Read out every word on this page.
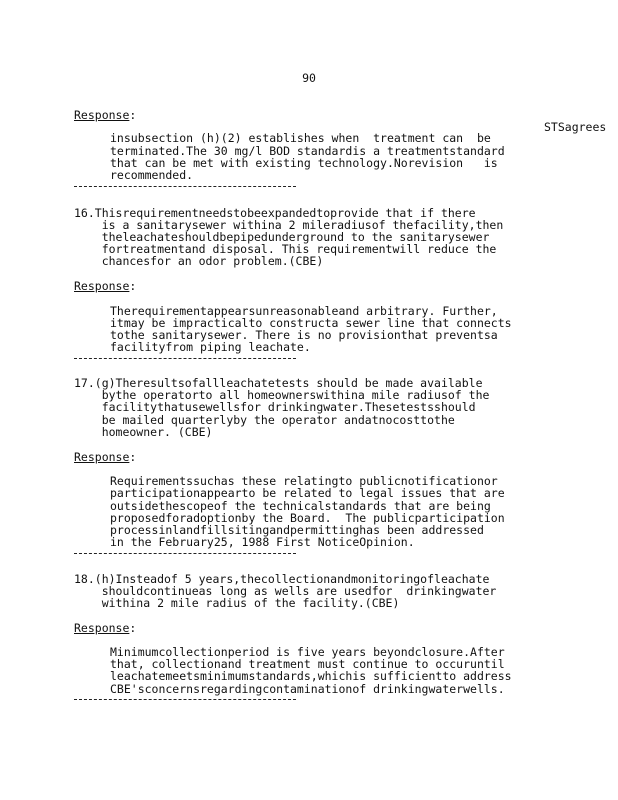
90
Response:
STSagrees
insubsection (h)(2) establishes when  treatment can  be
terminated.The 30 mg/l BOD standardis a treatmentstandard
that can be met with existing technology.Norevision   is
recommended.
16.Thisrequirementneedstobeexpandedtoprovide that if there
is a sanitarysewer withina 2 mileradiusof thefacility,then
theleachateshouldbepipedunderground to the sanitarysewer
fortreatmentand disposal. This requirementwill reduce the
chancesfor an odor problem.(CBE)
Response:
Therequirementappearsunreasonableand arbitrary. Further,
itmay be impracticalto constructa sewer line that connects
tothe sanitarysewer. There is no provisionthat preventsa
facilityfrom piping leachate.
17.(g)Theresultsofallleachatetests should be made available
bythe operatorto all homeownerswithina mile radiusof the
facilitythatusewellsfor drinkingwater.Thesetestsshould
be mailed quarterlyby the operator andatnocosttothe
homeowner. (CBE)
Response:
Requirementssuchas these relatingto publicnotificationor
participationappearto be related to legal issues that are
outsidethescopeof the technicalstandards that are being
proposedforadoptionby the Board.  The publicparticipation
processinlandfillsitingandpermittinghas been addressed
in the February25, 1988 First NoticeOpinion.
18.(h)Insteadof 5 years,thecollectionandmonitoringofleachate
shouldcontinueas long as wells are usedfor  drinkingwater
withina 2 mile radius of the facility.(CBE)
Response:
Minimumcollectionperiod is five years beyondclosure.After
that, collectionand treatment must continue to occuruntil
leachatemeetsminimumstandards,whichis sufficientto address
CBE'sconcernsregardingcontaminationof drinkingwaterwells.
